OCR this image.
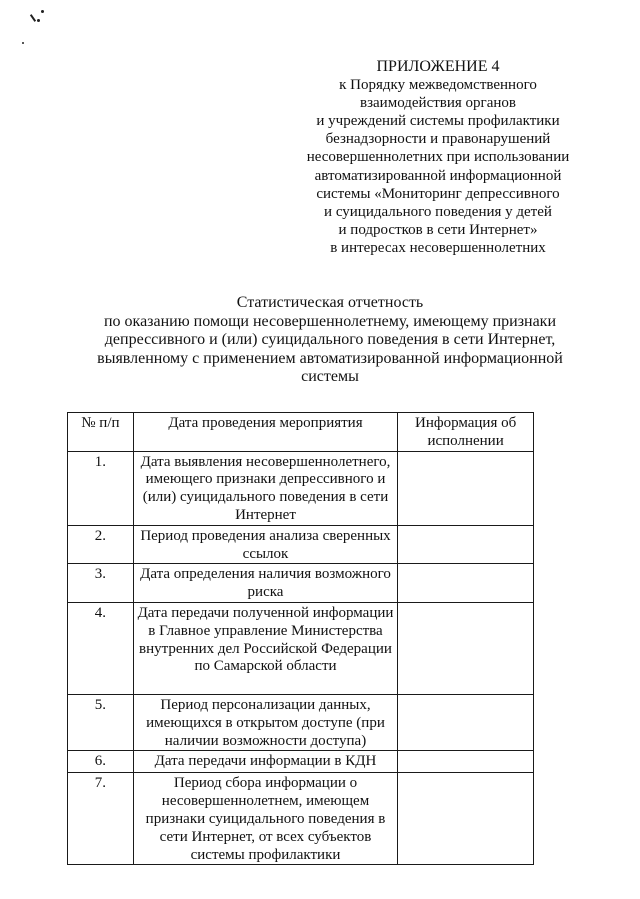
ПРИЛОЖЕНИЕ 4
к Порядку межведомственного
взаимодействия органов
и учреждений системы профилактики
безнадзорности и правонарушений
несовершеннолетних при использовании
автоматизированной информационной
системы «Мониторинг депрессивного
и суицидального поведения у детей
и подростков в сети Интернет»
в интересах несовершеннолетних
Статистическая отчетность
по оказанию помощи несовершеннолетнему, имеющему признаки
депрессивного и (или) суицидального поведения в сети Интернет,
выявленному с применением автоматизированной информационной
системы
№ п/п	Дата проведения мероприятия	Информация об исполнении
1.	Дата выявления несовершеннолетнего, имеющего признаки депрессивного и (или) суицидального поведения в сети Интернет	
2.	Период проведения анализа сверенных ссылок	
3.	Дата определения наличия возможного риска	
4.	Дата передачи полученной информации в Главное управление Министерства внутренних дел Российской Федерации по Самарской области	
5.	Период персонализации данных, имеющихся в открытом доступе (при наличии возможности доступа)	
6.	Дата передачи информации в КДН	
7.	Период сбора информации о несовершеннолетнем, имеющем признаки суицидального поведения в сети Интернет, от всех субъектов системы профилактики	
